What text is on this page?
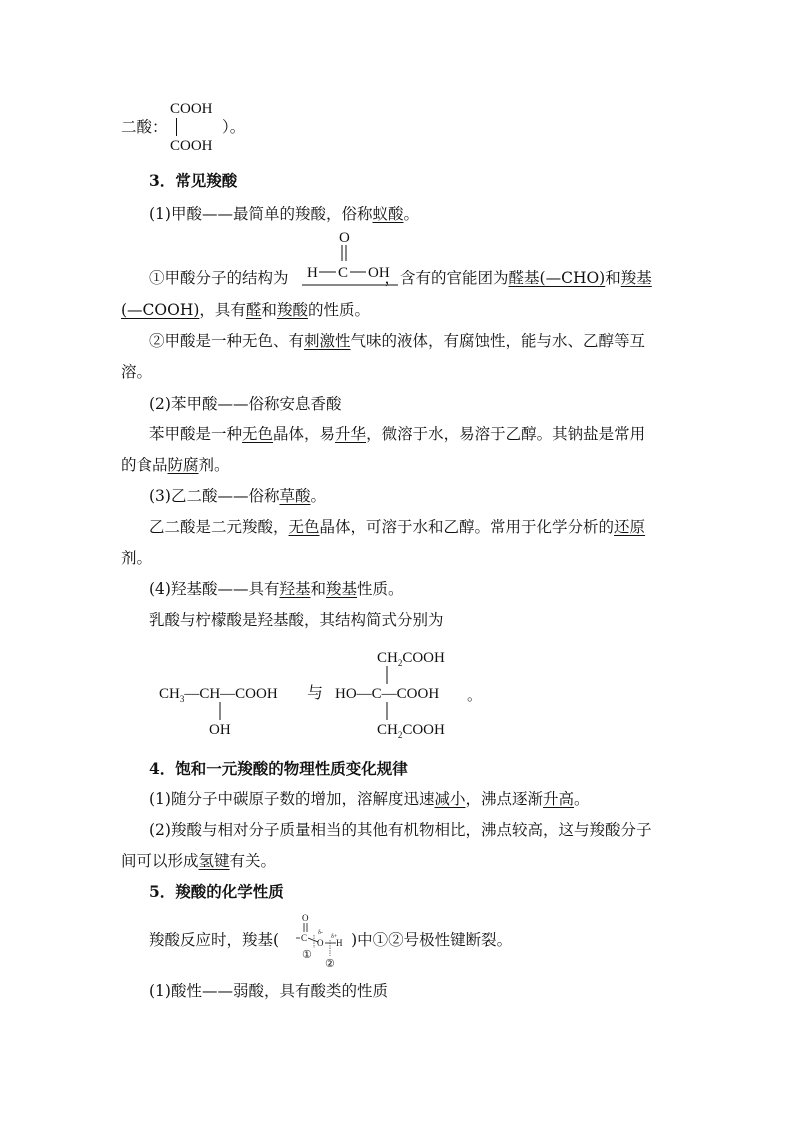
COOH
二酸：	）。
COOH
3．常见羧酸
(1)甲酸——最简单的羧酸，俗称蚁酸。
O
H C OH
①甲酸分子的结构为	，含有的官能团为醛基(—CHO)和羧基
(—COOH)，具有醛和羧酸的性质。
②甲酸是一种无色、有刺激性气味的液体，有腐蚀性，能与水、乙醇等互
溶。
(2)苯甲酸——俗称安息香酸
苯甲酸是一种无色晶体，易升华，微溶于水，易溶于乙醇。其钠盐是常用
的食品防腐剂。
(3)乙二酸——俗称草酸。
乙二酸是二元羧酸，无色晶体，可溶于水和乙醇。常用于化学分析的还原
剂。
(4)羟基酸——具有羟基和羧基性质。
乳酸与柠檬酸是羟基酸，其结构简式分别为
$CH_3—CH—COOH$
OH
与
$CH_2COOH$
HO—C—COOH
$CH_2COOH$
。
4．饱和一元羧酸的物理性质变化规律
(1)随分子中碳原子数的增加，溶解度迅速减小，沸点逐渐升高。
(2)羧酸与相对分子质量相当的其他有机物相比，沸点较高，这与羧酸分子
间可以形成氢键有关。
5．羧酸的化学性质
羧酸反应时，羧基(	)中①②号极性键断裂。
O
C δ-
O
δ+
H
①
②
(1)酸性——弱酸，具有酸类的性质
